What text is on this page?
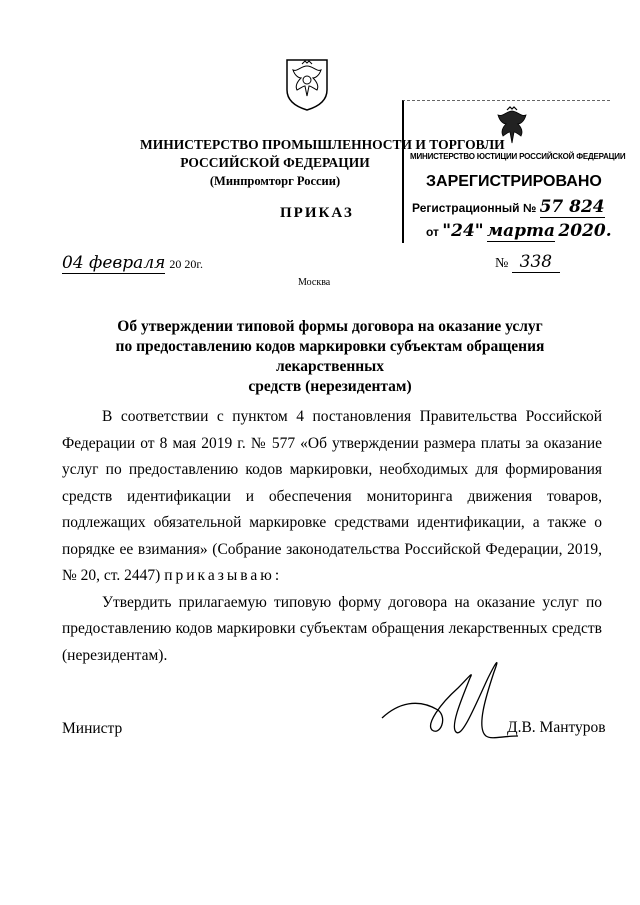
МИНИСТЕРСТВО ПРОМЫШЛЕННОСТИ И ТОРГОВЛИ
РОССИЙСКОЙ ФЕДЕРАЦИИ
(Минпромторг России)
ПРИКАЗ
МИНИСТЕРСТВО ЮСТИЦИИ РОССИЙСКОЙ ФЕДЕРАЦИИ
ЗАРЕГИСТРИРОВАНО
Регистрационный № 57 824
от "24" марта 2020.
04 февраля 20 20г.	№ 338
Москва
Об утверждении типовой формы договора на оказание услуг
по предоставлению кодов маркировки субъектам обращения лекарственных
средств (нерезидентам)

В соответствии с пунктом 4 постановления Правительства Российской Федерации от 8 мая 2019 г. № 577 «Об утверждении размера платы за оказание услуг по предоставлению кодов маркировки, необходимых для формирования средств идентификации и обеспечения мониторинга движения товаров, подлежащих обязательной маркировке средствами идентификации, а также о порядке ее взимания» (Собрание законодательства Российской Федерации, 2019, № 20, ст. 2447) приказываю:

Утвердить прилагаемую типовую форму договора на оказание услуг по предоставлению кодов маркировки субъектам обращения лекарственных средств (нерезидентам).

Министр	Д.В. Мантуров
